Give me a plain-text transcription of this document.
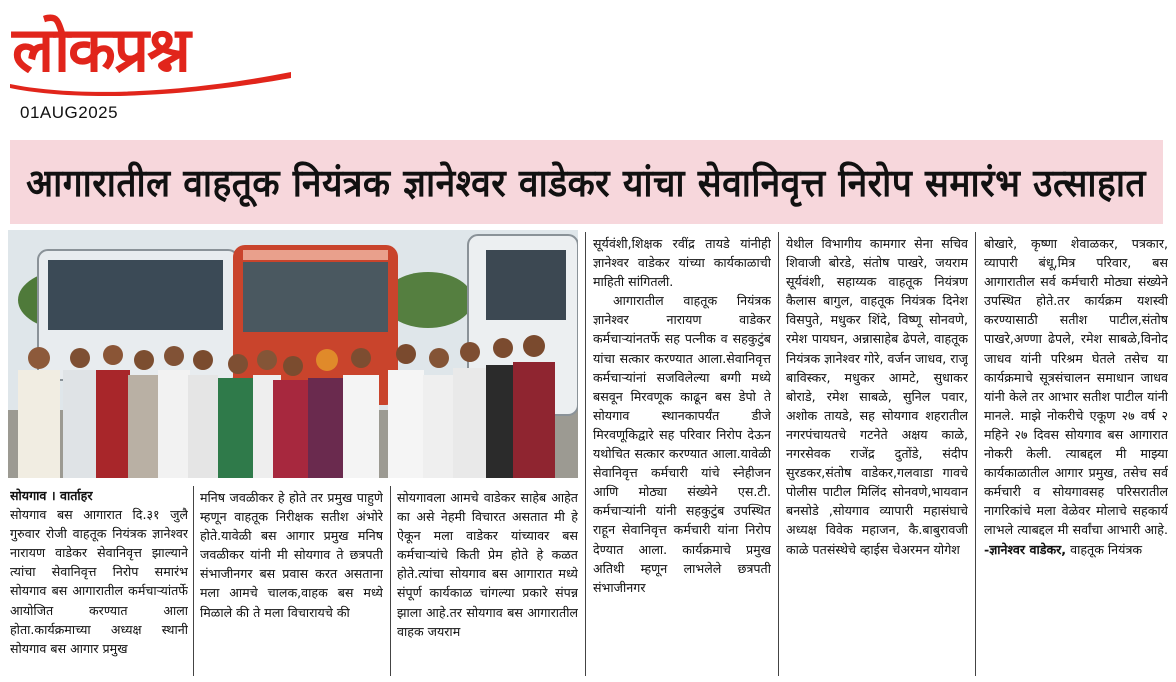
लोकप्रश्न
01AUG2025
आगारातील वाहतूक नियंत्रक ज्ञानेश्वर वाडेकर यांचा सेवानिवृत्त निरोप समारंभ उत्साहात

सोयगाव । वार्ताहर

सोयगाव बस आगारात दि.३१ जुलै गुरुवार रोजी वाहतूक नियंत्रक ज्ञानेश्वर नारायण वाडेकर सेवानिवृत्त झाल्याने त्यांचा सेवानिवृत्त निरोप समारंभ सोयगाव बस आगारातील कर्मचाऱ्यांतर्फे आयोजित करण्यात आला होता.कार्यक्रमाच्या अध्यक्ष स्थानी सोयगाव बस आगार प्रमुख

मनिष जवळीकर हे होते तर प्रमुख पाहुणे म्हणून वाहतूक निरीक्षक सतीश अंभोरे होते.यावेळी बस आगार प्रमुख मनिष जवळीकर यांनी मी सोयगाव ते छत्रपती संभाजीनगर बस प्रवास करत असताना मला आमचे चालक,वाहक बस मध्ये मिळाले की ते मला विचारायचे की

सोयगावला आमचे वाडेकर साहेब आहेत का असे नेहमी विचारत असतात मी हे ऐकून मला वाडेकर यांच्यावर बस कर्मचाऱ्यांचे किती प्रेम होते हे कळत होते.त्यांचा सोयगाव बस आगारात मध्ये संपूर्ण कार्यकाळ चांगल्या प्रकारे संपन्न झाला आहे.तर सोयगाव बस आगारातील वाहक जयराम

सूर्यवंशी,शिक्षक रवींद्र तायडे यांनीही ज्ञानेश्वर वाडेकर यांच्या कार्यकाळाची माहिती सांगितली.

आगारातील वाहतूक नियंत्रक ज्ञानेश्वर नारायण वाडेकर कर्मचाऱ्यांनतर्फे सह पत्नीक व सहकुटुंब यांचा सत्कार करण्यात आला.सेवानिवृत्त कर्मचाऱ्यांनां सजविलेल्या बग्गी मध्ये बसवून मिरवणूक काढून बस डेपो ते सोयगाव स्थानकापर्यंत डीजे मिरवणूकिद्वारे सह परिवार निरोप देऊन यथोचित सत्कार करण्यात आला.यावेळी सेवानिवृत्त कर्मचारी यांचे स्नेहीजन आणि मोठ्या संख्येने एस.टी. कर्मचाऱ्यांनी यांनी सहकुटुंब उपस्थित राहून सेवानिवृत्त कर्मचारी यांना निरोप देण्यात आला. कार्यक्रमाचे प्रमुख अतिथी म्हणून लाभलेले छत्रपती संभाजीनगर

येथील विभागीय कामगार सेना सचिव शिवाजी बोरडे, संतोष पाखरे, जयराम सूर्यवंशी, सहाय्यक वाहतूक नियंत्रण कैलास बागुल, वाहतूक नियंत्रक दिनेश विसपुते, मधुकर शिंदे, विष्णू सोनवणे, रमेश पायघन, अन्नासाहेब ढेपले, वाहतूक नियंत्रक ज्ञानेश्वर गोरे, वर्जन जाधव, राजू बाविस्कर, मधुकर आमटे, सुधाकर बोराडे, रमेश साबळे, सुनिल पवार, अशोक तायडे, सह सोयगाव शहरातील नगरपंचायतचे गटनेते अक्षय काळे, नगरसेवक राजेंद्र दुतोंडे, संदीप सुरडकर,संतोष वाडेकर,गलवाडा गावचे पोलीस पाटील मिलिंद सोनवणे,भायवान बनसोडे ,सोयगाव व्यापारी महासंघाचे अध्यक्ष विवेक महाजन, कै.बाबुरावजी काळे पतसंस्थेचे व्हाईस चेअरमन योगेश

बोखारे, कृष्णा शेवाळकर, पत्रकार, व्यापारी बंधू,मित्र परिवार, बस आगारातील सर्व कर्मचारी मोठ्या संख्येने उपस्थित होते.तर कार्यक्रम यशस्वी करण्यासाठी सतीश पाटील,संतोष पाखरे,अण्णा ढेपले, रमेश साबळे,विनोद जाधव यांनी परिश्रम घेतले तसेच या कार्यक्रमाचे सूत्रसंचालन समाधान जाधव यांनी केले तर आभार सतीश पाटील यांनी मानले. माझे नोकरीचे एकूण २७ वर्ष २ महिने २७ दिवस सोयगाव बस आगारात नोकरी केली. त्याबद्दल मी माझ्या कार्यकाळातील आगार प्रमुख, तसेच सर्व कर्मचारी व सोयगावसह परिसरातील नागरिकांचे मला वेळेवर मोलाचे सहकार्य लाभले त्याबद्दल मी सर्वांचा आभारी आहे. -ज्ञानेश्वर वाडेकर, वाहतूक नियंत्रक
